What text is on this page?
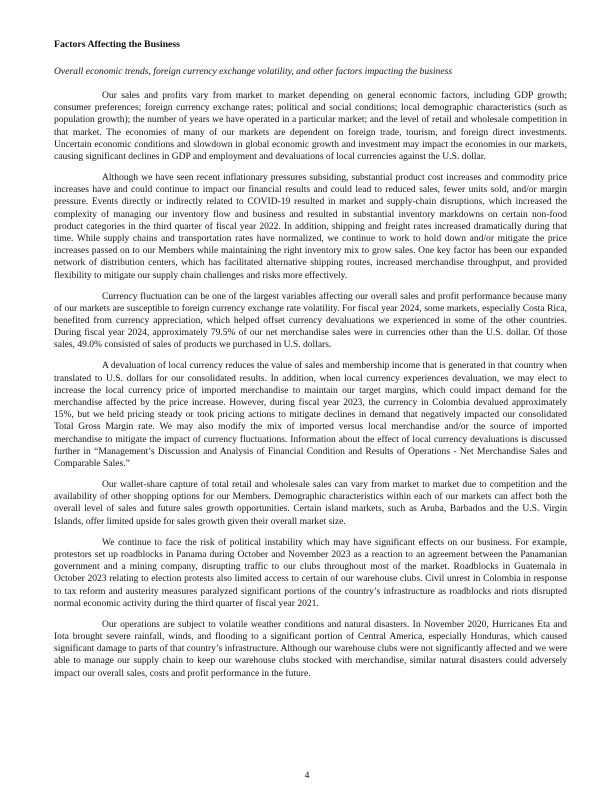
Factors Affecting the Business
Overall economic trends, foreign currency exchange volatility, and other factors impacting the business

Our sales and profits vary from market to market depending on general economic factors, including GDP growth; consumer preferences; foreign currency exchange rates; political and social conditions; local demographic characteristics (such as population growth); the number of years we have operated in a particular market; and the level of retail and wholesale competition in that market. The economies of many of our markets are dependent on foreign trade, tourism, and foreign direct investments. Uncertain economic conditions and slowdown in global economic growth and investment may impact the economies in our markets, causing significant declines in GDP and employment and devaluations of local currencies against the U.S. dollar.

Although we have seen recent inflationary pressures subsiding, substantial product cost increases and commodity price increases have and could continue to impact our financial results and could lead to reduced sales, fewer units sold, and/or margin pressure. Events directly or indirectly related to COVID-19 resulted in market and supply-chain disruptions, which increased the complexity of managing our inventory flow and business and resulted in substantial inventory markdowns on certain non-food product categories in the third quarter of fiscal year 2022. In addition, shipping and freight rates increased dramatically during that time. While supply chains and transportation rates have normalized, we continue to work to hold down and/or mitigate the price increases passed on to our Members while maintaining the right inventory mix to grow sales. One key factor has been our expanded network of distribution centers, which has facilitated alternative shipping routes, increased merchandise throughput, and provided flexibility to mitigate our supply chain challenges and risks more effectively.

Currency fluctuation can be one of the largest variables affecting our overall sales and profit performance because many of our markets are susceptible to foreign currency exchange rate volatility. For fiscal year 2024, some markets, especially Costa Rica, benefited from currency appreciation, which helped offset currency devaluations we experienced in some of the other countries. During fiscal year 2024, approximately 79.5% of our net merchandise sales were in currencies other than the U.S. dollar. Of those sales, 49.0% consisted of sales of products we purchased in U.S. dollars.

A devaluation of local currency reduces the value of sales and membership income that is generated in that country when translated to U.S. dollars for our consolidated results. In addition, when local currency experiences devaluation, we may elect to increase the local currency price of imported merchandise to maintain our target margins, which could impact demand for the merchandise affected by the price increase. However, during fiscal year 2023, the currency in Colombia devalued approximately 15%, but we held pricing steady or took pricing actions to mitigate declines in demand that negatively impacted our consolidated Total Gross Margin rate. We may also modify the mix of imported versus local merchandise and/or the source of imported merchandise to mitigate the impact of currency fluctuations. Information about the effect of local currency devaluations is discussed further in “Management’s Discussion and Analysis of Financial Condition and Results of Operations - Net Merchandise Sales and Comparable Sales.”

Our wallet-share capture of total retail and wholesale sales can vary from market to market due to competition and the availability of other shopping options for our Members. Demographic characteristics within each of our markets can affect both the overall level of sales and future sales growth opportunities. Certain island markets, such as Aruba, Barbados and the U.S. Virgin Islands, offer limited upside for sales growth given their overall market size.

We continue to face the risk of political instability which may have significant effects on our business. For example, protestors set up roadblocks in Panama during October and November 2023 as a reaction to an agreement between the Panamanian government and a mining company, disrupting traffic to our clubs throughout most of the market. Roadblocks in Guatemala in October 2023 relating to election protests also limited access to certain of our warehouse clubs. Civil unrest in Colombia in response to tax reform and austerity measures paralyzed significant portions of the country’s infrastructure as roadblocks and riots disrupted normal economic activity during the third quarter of fiscal year 2021.

Our operations are subject to volatile weather conditions and natural disasters. In November 2020, Hurricanes Eta and Iota brought severe rainfall, winds, and flooding to a significant portion of Central America, especially Honduras, which caused significant damage to parts of that country’s infrastructure. Although our warehouse clubs were not significantly affected and we were able to manage our supply chain to keep our warehouse clubs stocked with merchandise, similar natural disasters could adversely impact our overall sales, costs and profit performance in the future.

4
